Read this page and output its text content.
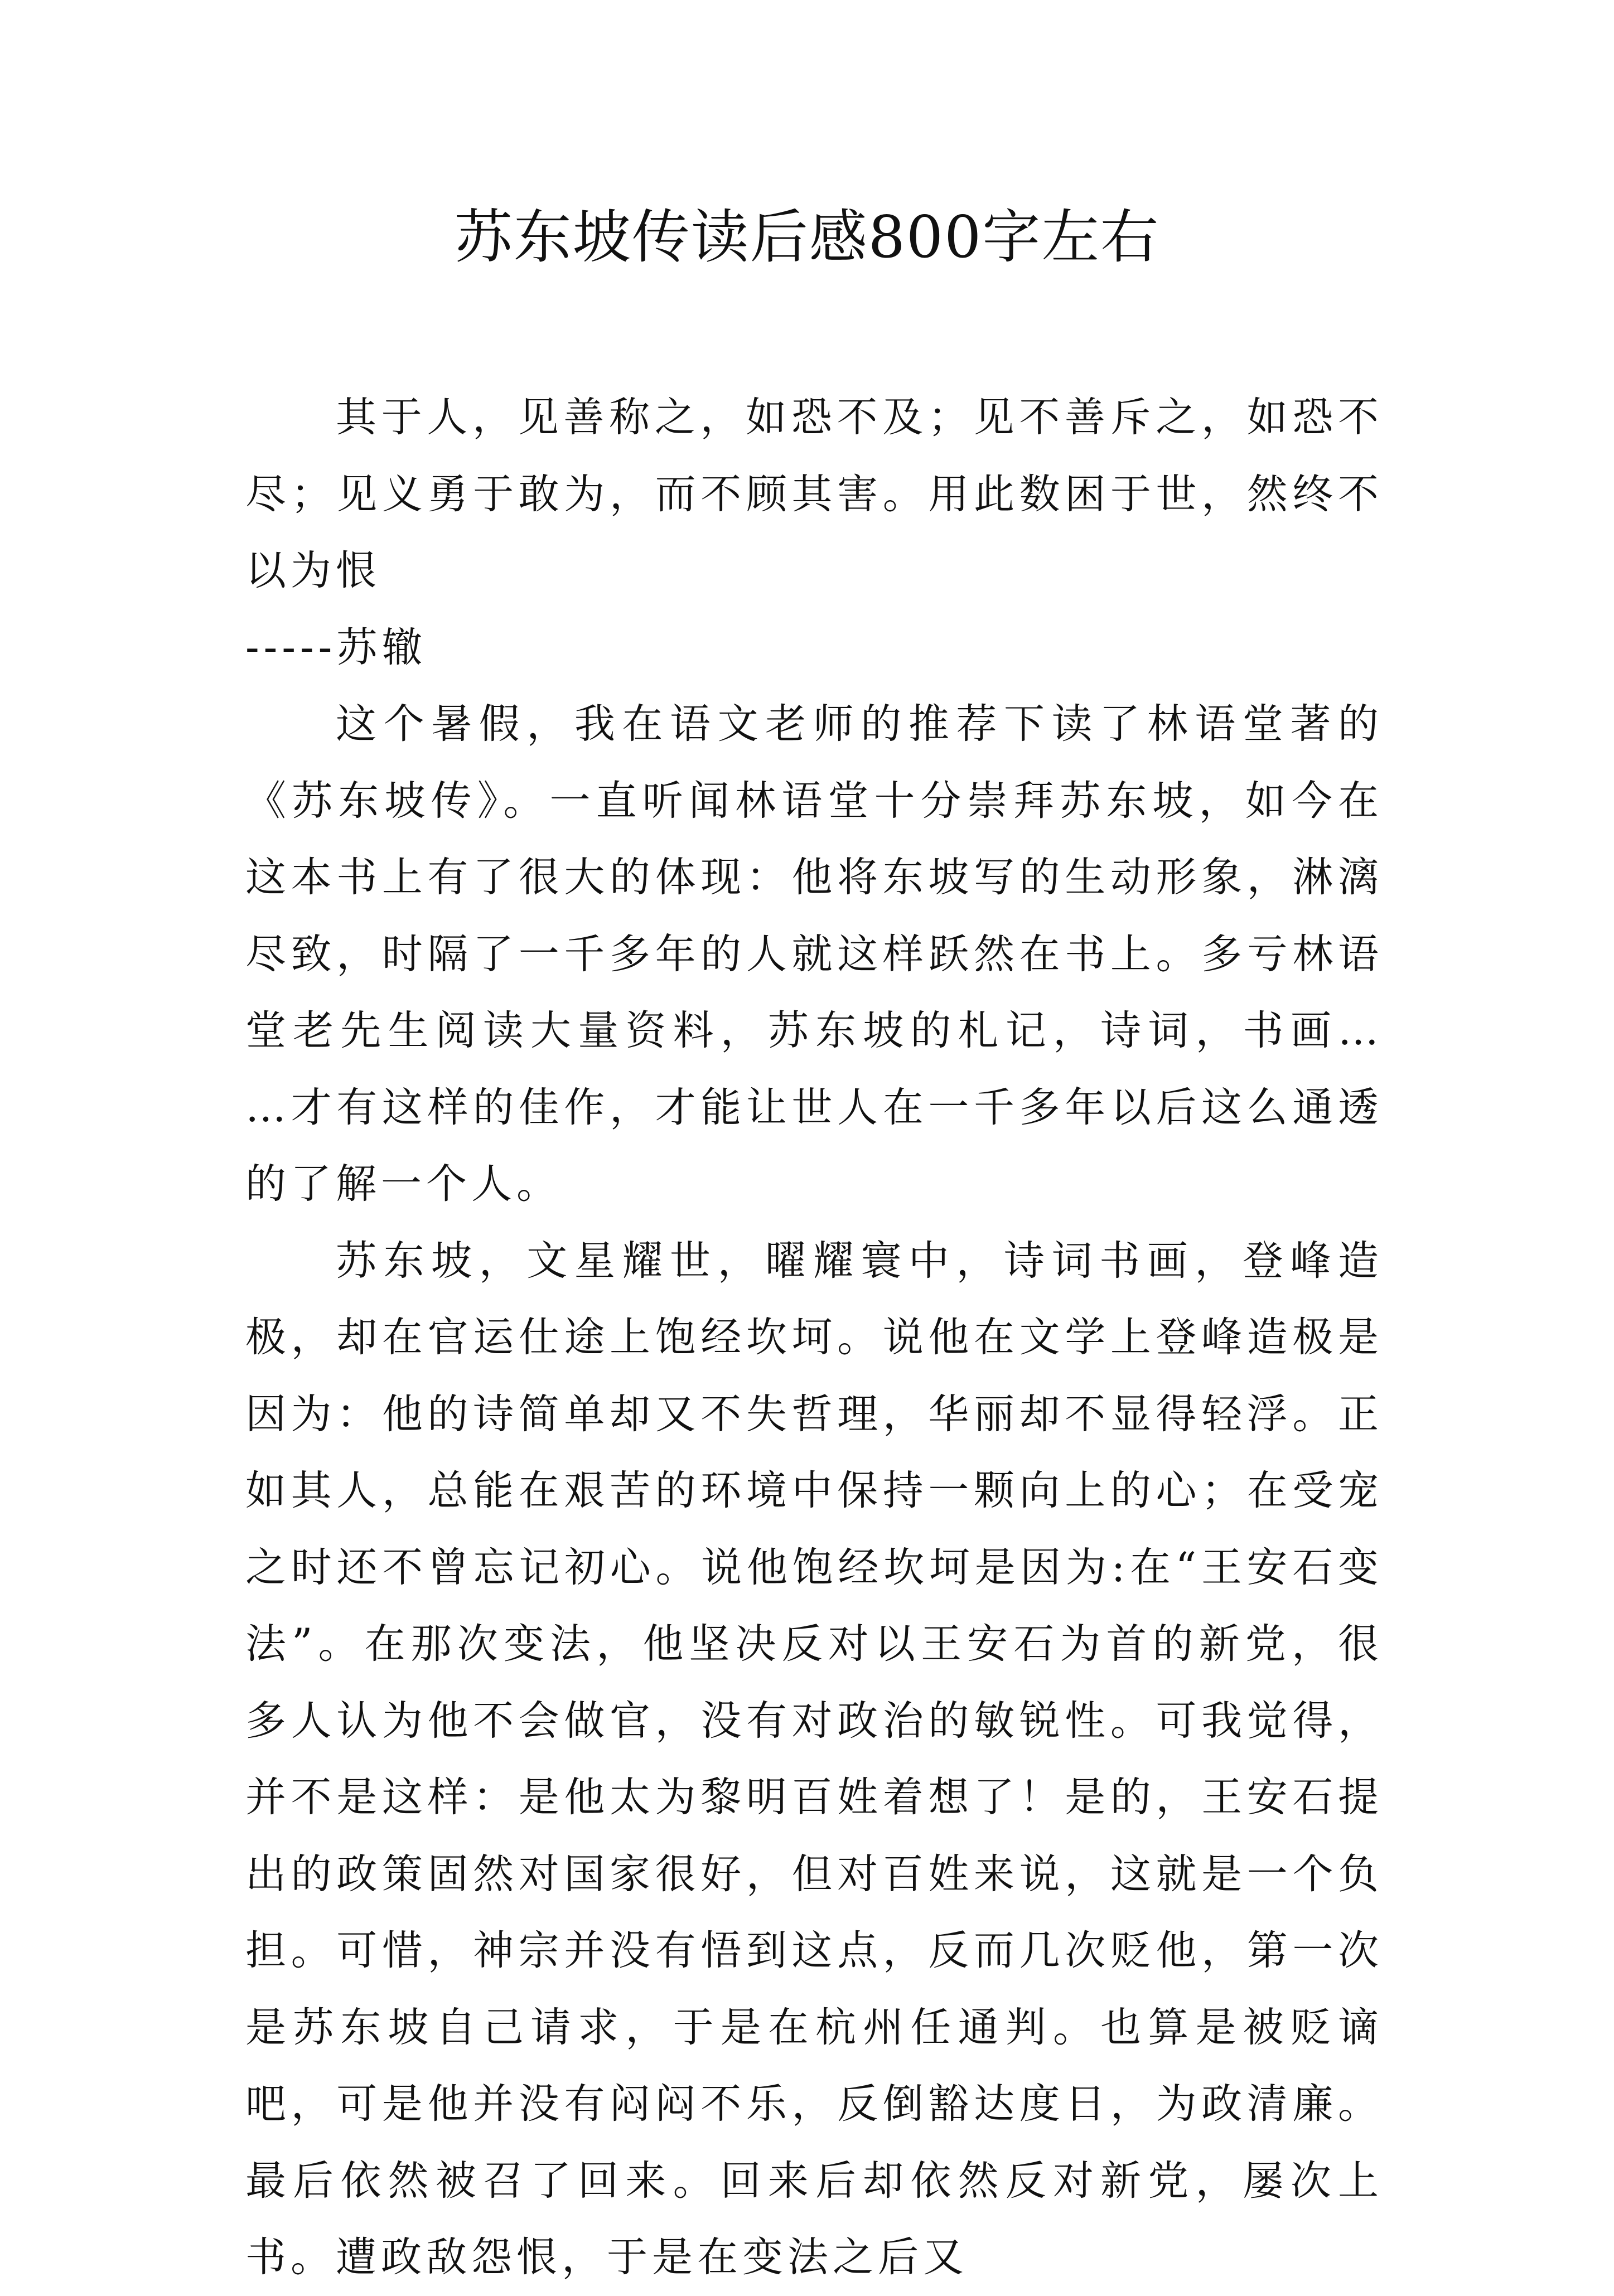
苏东坡传读后感800字左右

其于人，见善称之，如恐不及；见不善斥之，如恐不尽；见义勇于敢为，而不顾其害。用此数困于世，然终不以为恨

-----苏辙

这个暑假，我在语文老师的推荐下读了林语堂著的《苏东坡传》。一直听闻林语堂十分崇拜苏东坡，如今在这本书上有了很大的体现：他将东坡写的生动形象，淋漓尽致，时隔了一千多年的人就这样跃然在书上。多亏林语堂老先生阅读大量资料，苏东坡的札记，诗词，书画… …才有这样的佳作，才能让世人在一千多年以后这么通透的了解一个人。

苏东坡，文星耀世，曜耀寰中，诗词书画，登峰造极，却在官运仕途上饱经坎坷。说他在文学上登峰造极是因为：他的诗简单却又不失哲理，华丽却不显得轻浮。正如其人，总能在艰苦的环境中保持一颗向上的心；在受宠之时还不曾忘记初心。说他饱经坎坷是因为:在“王安石变法”。在那次变法，他坚决反对以王安石为首的新党，很多人认为他不会做官，没有对政治的敏锐性。可我觉得，并不是这样：是他太为黎明百姓着想了！是的，王安石提出的政策固然对国家很好，但对百姓来说，这就是一个负担。可惜，神宗并没有悟到这点，反而几次贬他，第一次是苏东坡自己请求，于是在杭州任通判。也算是被贬谪吧，可是他并没有闷闷不乐，反倒豁达度日，为政清廉。最后依然被召了回来。回来后却依然反对新党，屡次上书。遭政敌怨恨，于是在变法之后又
